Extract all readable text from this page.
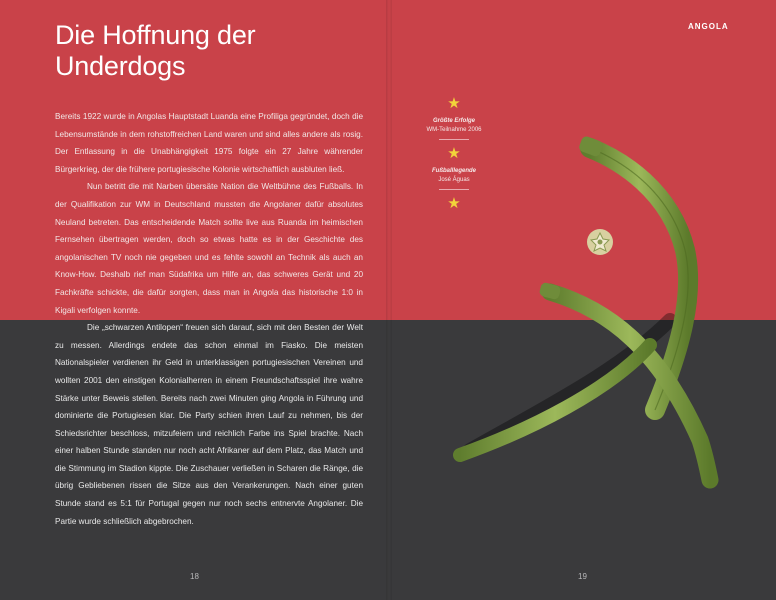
Die Hoffnung der
Underdogs

Bereits 1922 wurde in Angolas Hauptstadt Luanda eine Profiliga gegründet, doch die Lebensumstände in dem rohstoffreichen Land waren und sind alles andere als rosig. Der Entlassung in die Unabhängigkeit 1975 folgte ein 27 Jahre währender Bürgerkrieg, der die frühere portugiesische Kolonie wirtschaftlich ausbluten ließ.

Nun betritt die mit Narben übersäte Nation die Weltbühne des Fußballs. In der Qualifikation zur WM in Deutschland mussten die Angolaner dafür absolutes Neuland betreten. Das entscheidende Match sollte live aus Ruanda im heimischen Fernsehen übertragen werden, doch so etwas hatte es in der Geschichte des angolanischen TV noch nie gegeben und es fehlte sowohl an Technik als auch an Know-How. Deshalb rief man Südafrika um Hilfe an, das schweres Gerät und 20 Fachkräfte schickte, die dafür sorgten, dass man in Angola das historische 1:0 in Kigali verfolgen konnte.

Die „schwarzen Antilopen“ freuen sich darauf, sich mit den Besten der Welt zu messen. Allerdings endete das schon einmal im Fiasko. Die meisten Nationalspieler verdienen ihr Geld in unterklassigen portugiesischen Vereinen und wollten 2001 den einstigen Kolonialherren in einem Freundschaftsspiel ihre wahre Stärke unter Beweis stellen. Bereits nach zwei Minuten ging Angola in Führung und dominierte die Portugiesen klar. Die Party schien ihren Lauf zu nehmen, bis der Schiedsrichter beschloss, mitzufeiern und reichlich Farbe ins Spiel brachte. Nach einer halben Stunde standen nur noch acht Afrikaner auf dem Platz, das Match und die Stimmung im Stadion kippte. Die Zuschauer verließen in Scharen die Ränge, die übrig Gebliebenen rissen die Sitze aus den Verankerungen. Nach einer guten Stunde stand es 5:1 für Portugal gegen nur noch sechs entnervte Angolaner. Die Partie wurde schließlich abgebrochen.

18
ANGOLA
★
Größte Erfolge
WM-Teilnahme 2006
★
Fußballlegende
José Águas
★
19
